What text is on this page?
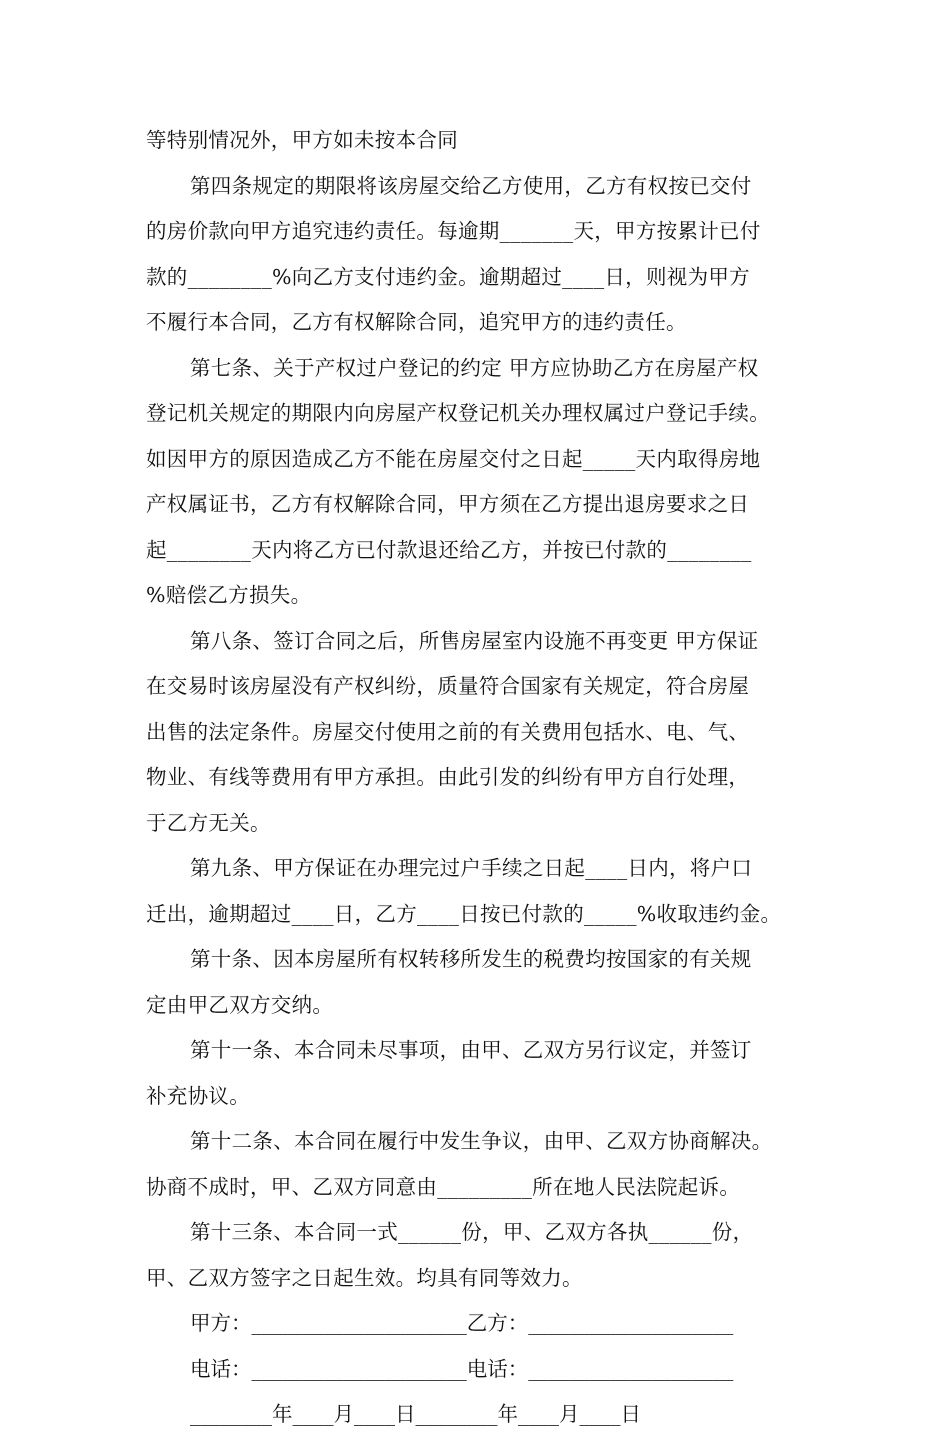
等特别情况外，甲方如未按本合同
第四条规定的期限将该房屋交给乙方使用，乙方有权按已交付
的房价款向甲方追究违约责任。每逾期_______天，甲方按累计已付
款的________%向乙方支付违约金。逾期超过____日，则视为甲方
不履行本合同，乙方有权解除合同，追究甲方的违约责任。
第七条、关于产权过户登记的约定 甲方应协助乙方在房屋产权
登记机关规定的期限内向房屋产权登记机关办理权属过户登记手续。
如因甲方的原因造成乙方不能在房屋交付之日起_____天内取得房地
产权属证书，乙方有权解除合同，甲方须在乙方提出退房要求之日
起________天内将乙方已付款退还给乙方，并按已付款的________
%赔偿乙方损失。
第八条、签订合同之后，所售房屋室内设施不再变更 甲方保证
在交易时该房屋没有产权纠纷，质量符合国家有关规定，符合房屋
出售的法定条件。房屋交付使用之前的有关费用包括水、电、气、
物业、有线等费用有甲方承担。由此引发的纠纷有甲方自行处理，
于乙方无关。
第九条、甲方保证在办理完过户手续之日起____日内，将户口
迁出，逾期超过____日，乙方____日按已付款的_____%收取违约金。
第十条、因本房屋所有权转移所发生的税费均按国家的有关规
定由甲乙双方交纳。
第十一条、本合同未尽事项，由甲、乙双方另行议定，并签订
补充协议。
第十二条、本合同在履行中发生争议，由甲、乙双方协商解决。
协商不成时，甲、乙双方同意由_________所在地人民法院起诉。
第十三条、本合同一式______份，甲、乙双方各执______份，
甲、乙双方签字之日起生效。均具有同等效力。
甲方：_____________________乙方：____________________
电话：_____________________电话：____________________
________年____月____日________年____月____日
